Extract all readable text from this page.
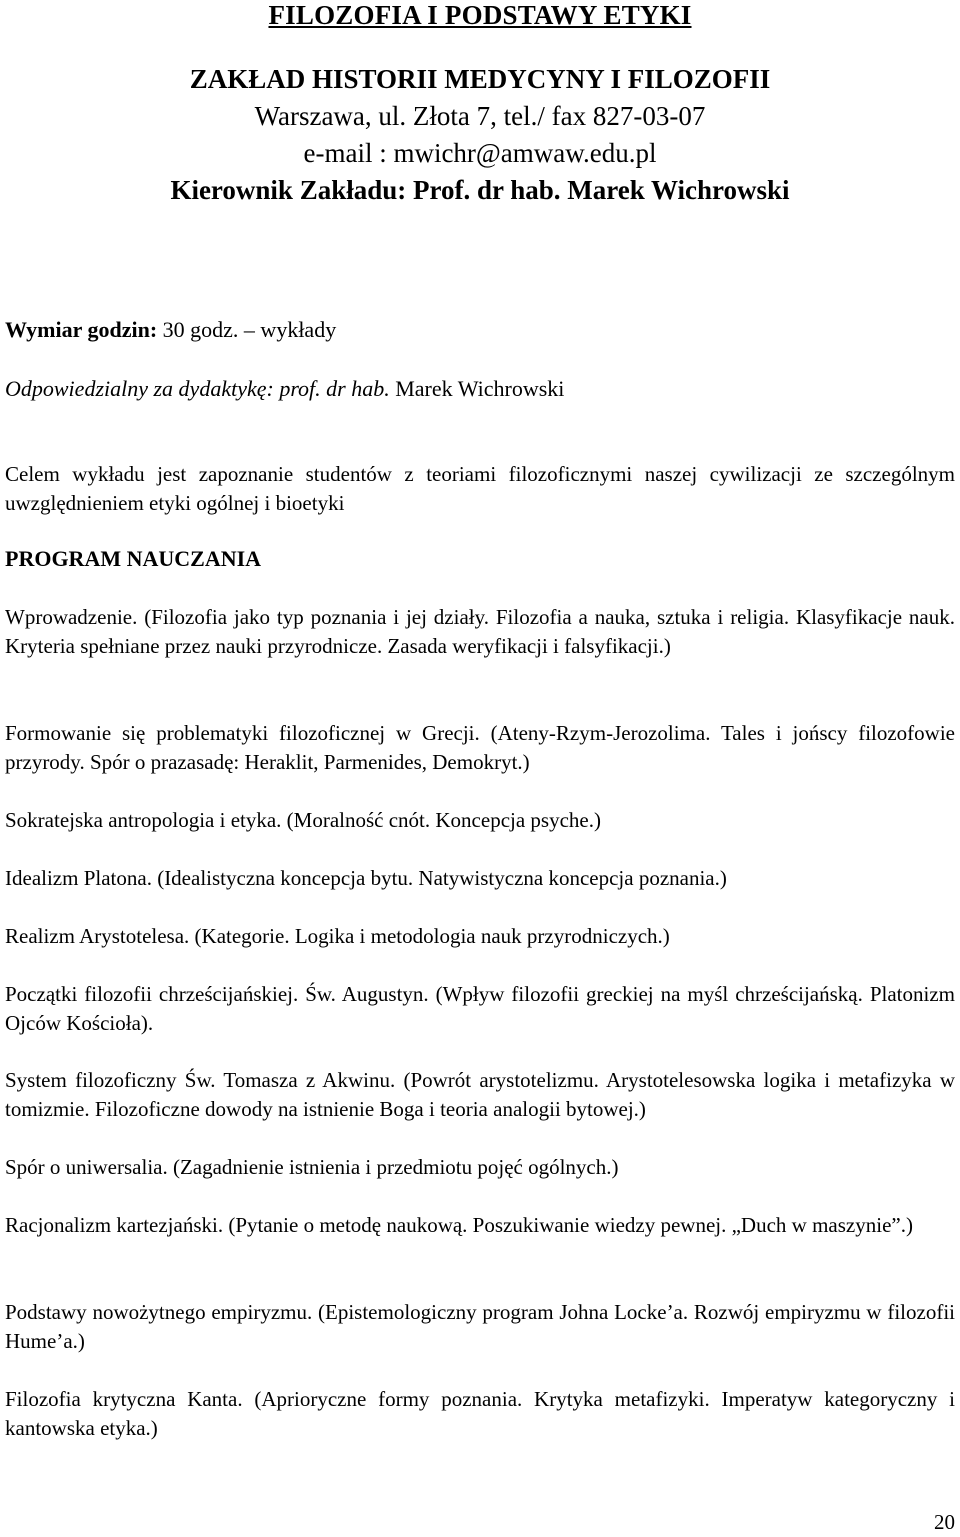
FILOZOFIA I PODSTAWY ETYKI
ZAKŁAD HISTORII MEDYCYNY I FILOZOFII
Warszawa, ul. Złota 7, tel./ fax 827-03-07
e-mail : mwichr@amwaw.edu.pl
Kierownik Zakładu: Prof. dr hab. Marek Wichrowski
Wymiar godzin: 30 godz. – wykłady
Odpowiedzialny za dydaktykę: prof. dr hab. Marek Wichrowski

Celem wykładu jest zapoznanie studentów z teoriami filozoficznymi naszej cywilizacji ze szczególnym uwzględnieniem etyki ogólnej i bioetyki

PROGRAM NAUCZANIA

Wprowadzenie. (Filozofia jako typ poznania i jej działy. Filozofia a nauka, sztuka i religia. Klasyfikacje nauk. Kryteria spełniane przez nauki przyrodnicze. Zasada weryfikacji i falsyfikacji.)

Formowanie się problematyki filozoficznej w Grecji. (Ateny-Rzym-Jerozolima. Tales i jońscy filozofowie przyrody. Spór o prazasadę: Heraklit, Parmenides, Demokryt.)

Sokratejska antropologia i etyka. (Moralność cnót. Koncepcja psyche.)

Idealizm Platona. (Idealistyczna koncepcja bytu. Natywistyczna koncepcja poznania.)

Realizm Arystotelesa. (Kategorie. Logika i metodologia nauk przyrodniczych.)

Początki filozofii chrześcijańskiej. Św. Augustyn. (Wpływ filozofii greckiej na myśl chrześcijańską. Platonizm Ojców Kościoła).

System filozoficzny Św. Tomasza z Akwinu. (Powrót arystotelizmu. Arystotelesowska logika i metafizyka w tomizmie. Filozoficzne dowody na istnienie Boga i teoria analogii bytowej.)

Spór o uniwersalia. (Zagadnienie istnienia i przedmiotu pojęć ogólnych.)

Racjonalizm kartezjański. (Pytanie o metodę naukową. Poszukiwanie wiedzy pewnej. „Duch w maszynie”.)

Podstawy nowożytnego empiryzmu. (Epistemologiczny program Johna Locke’a. Rozwój empiryzmu w filozofii Hume’a.)

Filozofia krytyczna Kanta. (Aprioryczne formy poznania. Krytyka metafizyki. Imperatyw kategoryczny i kantowska etyka.)

20
